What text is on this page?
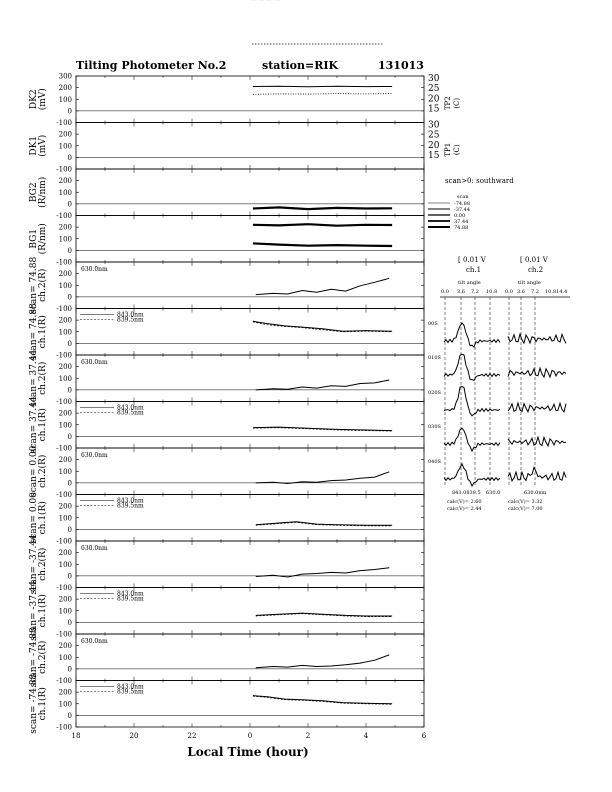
--- -- -- ---
Tilting Photometer No.2	station=RIK	131013
-100
0
100
200
300
DK2 (mV)	15
20
25
30
TP2 (C)
-100
0
100
200
DK1 (mV)	15
20
25
30
TP1 (C)
-100
0
100
200
BG2 (R/nm)
-100
0
100
200
BG1 (R/nm)
-100
0
100
200
scan= 74.88 ch.2(R)	630.0nm
-100
0
100
200
scan= 74.88 ch.1(R)
843.0nm
839.5nm
-100
0
100
200
scan= 37.44 ch.2(R)	630.0nm
-100
0
100
200
scan= 37.44 ch.1(R)
843.0nm
839.5nm
-100
0
100
200
scan= 0.00 ch.2(R)	630.0nm
-100
0
100
200
scan= 0.00 ch.1(R)
843.0nm
839.5nm
-100
0
100
200
scan= -37.44 ch.2(R)	630.0nm
-100
0
100
200
scan= -37.44 ch.1(R)
843.0nm
839.5nm
-100
0
100
200
scan= -74.88 ch.2(R)	630.0nm
-100
0
100
200
scan= -74.88 ch.1(R)
843.0nm
839.5nm
18	20	22	0	2	4	6
Local Time (hour)
scan>0: southward
scan
-74.88
-37.44
0.00
37.44
74.88
[ 0.01 V
ch.1
[ 0.01 V
ch.2
tilt angle	tilt angle
0.0 3.6 7.2 10.8 0.0 3.6 7.2 10.814.4
00S
010S
020S
030S
040S
843.0839.5 630.0	630.0nm
calc(V)= 2.60
calc(V)= 2.44
calc(V)= 3.32
calc(V)= 7.00
